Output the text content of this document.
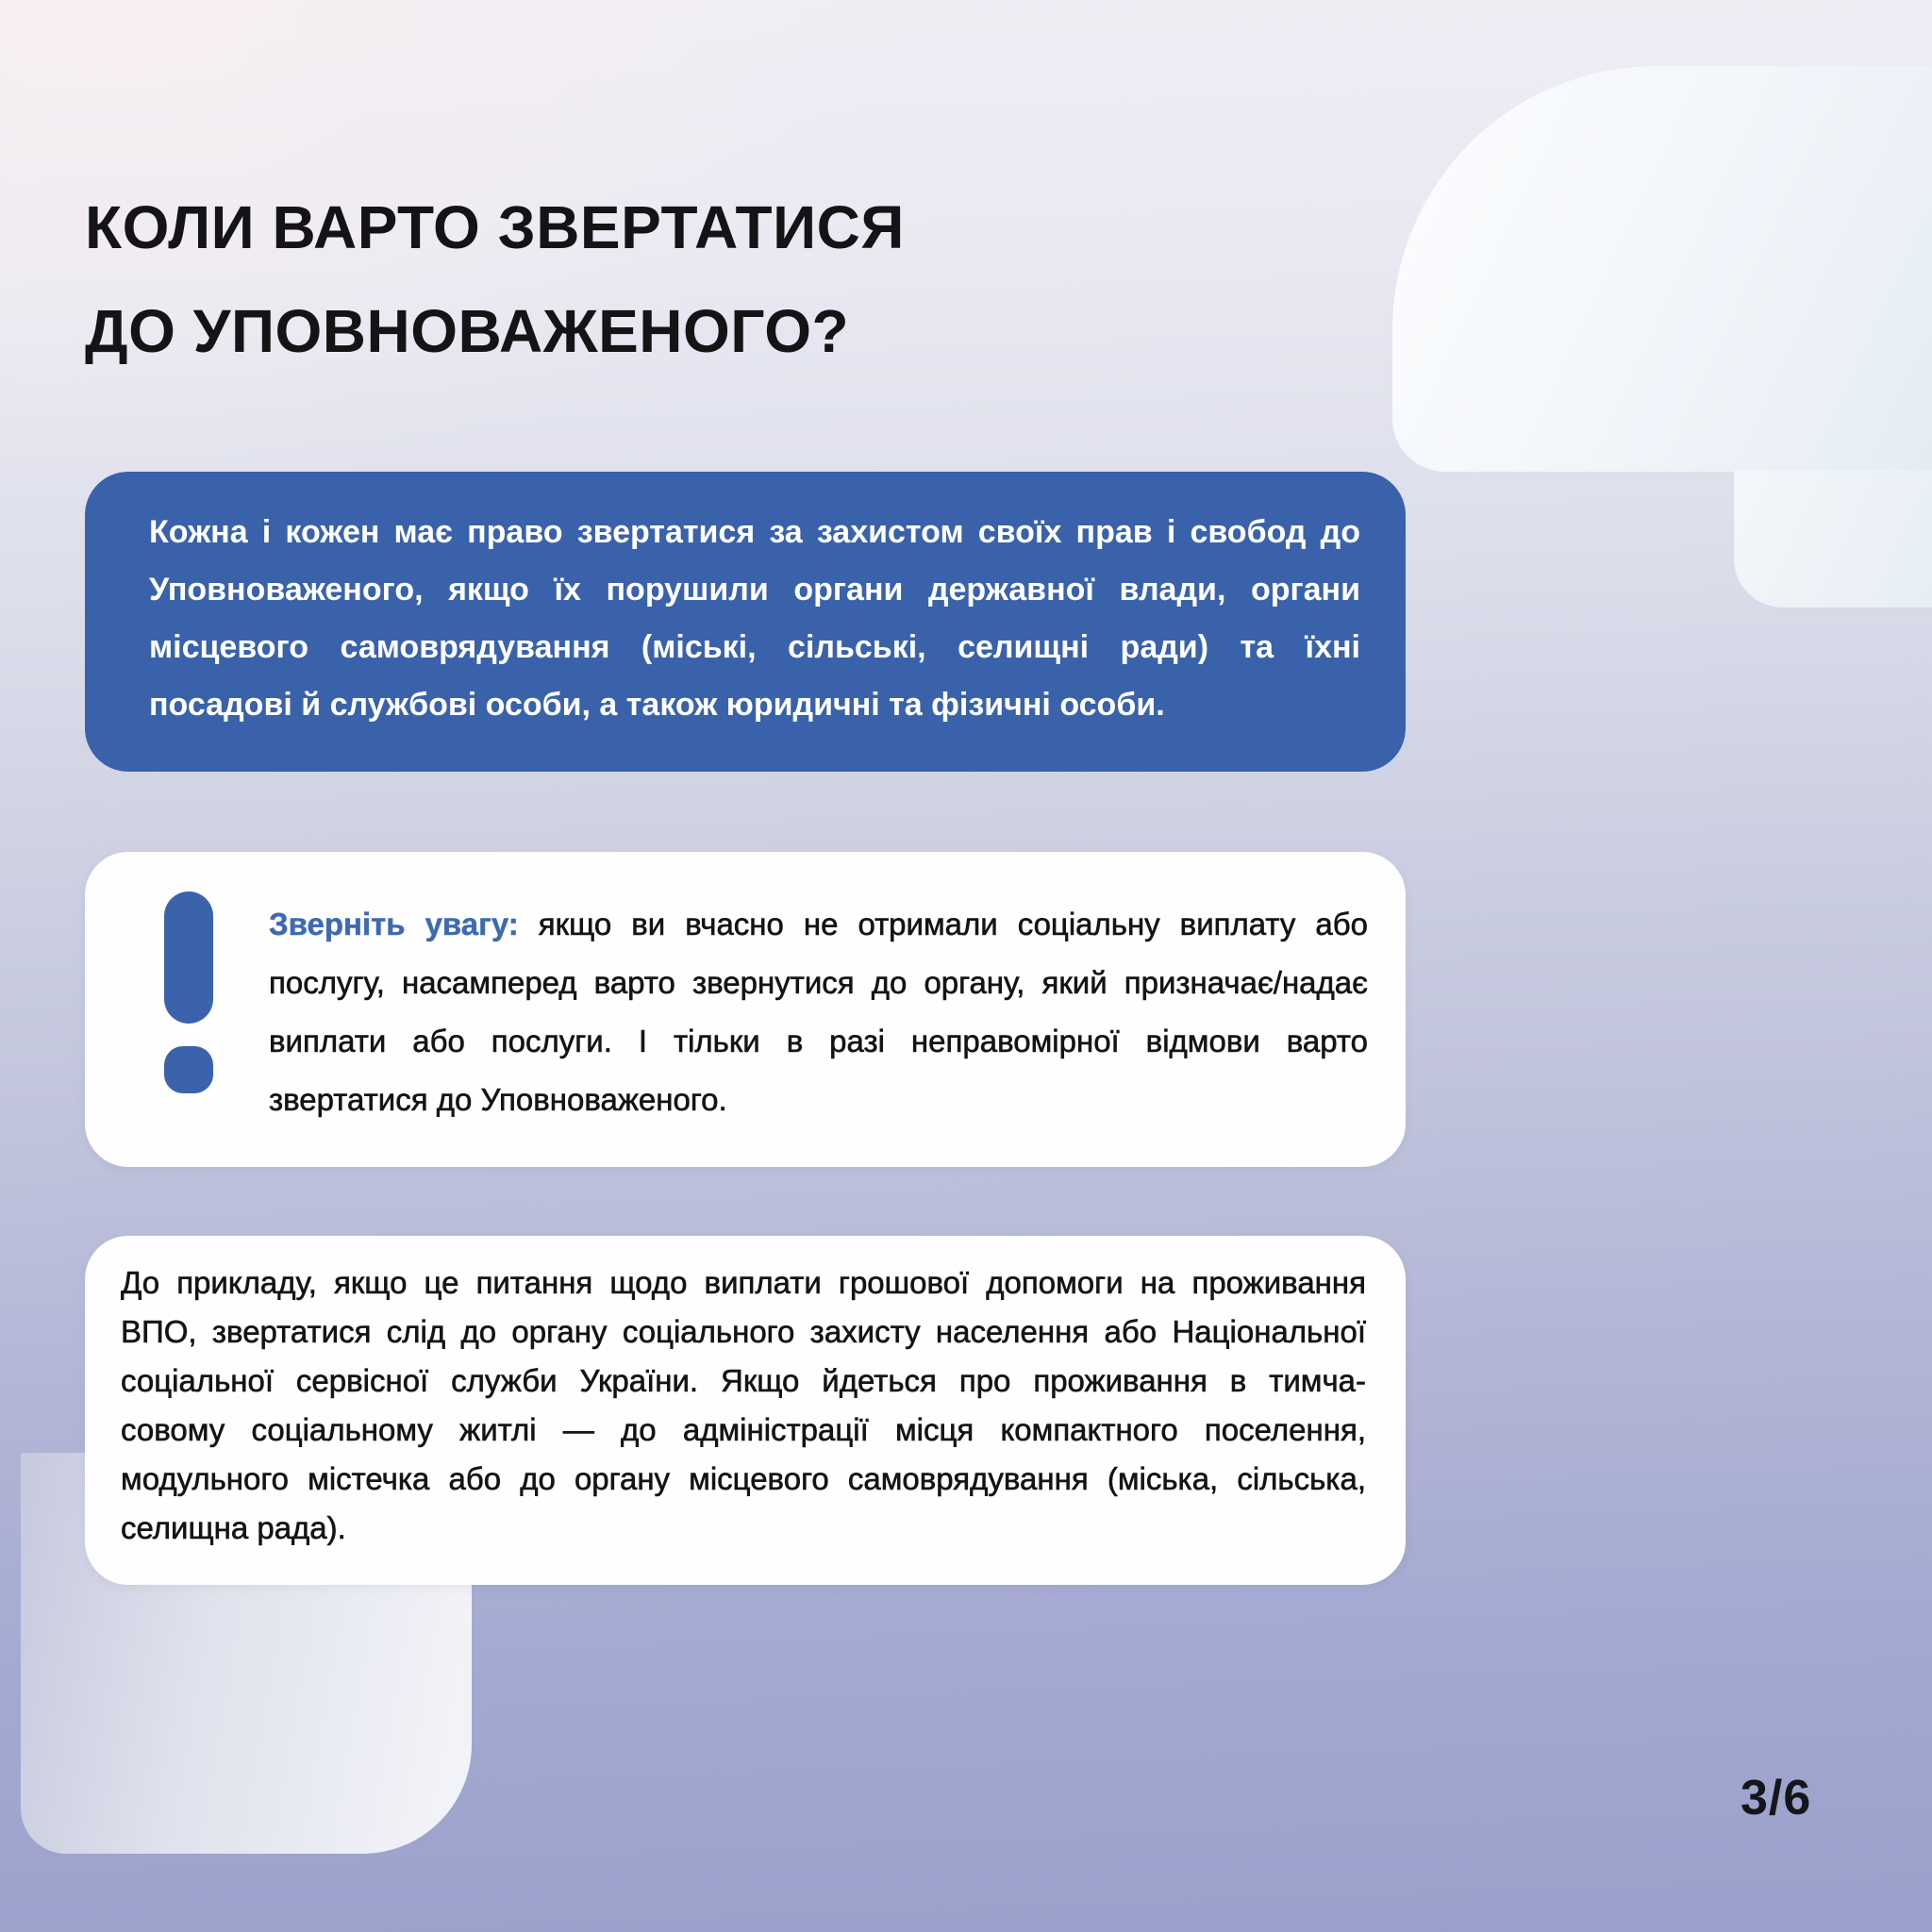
КОЛИ ВАРТО ЗВЕРТАТИСЯ
ДО УПОВНОВАЖЕНОГО?

Кожна і кожен має право звертатися за захистом своїх прав і свобод до

Уповноваженого, якщо їх порушили органи державної влади, органи

місцевого самоврядування (міські, сільські, селищні ради) та їхні

посадові й службові особи, а також юридичні та фізичні особи.

Зверніть увагу: якщо ви вчасно не отримали соціальну виплату або

послугу, насамперед варто звернутися до органу, який призначає/надає

виплати або послуги. І тільки в разі неправомірної відмови варто

звертатися до Уповноваженого.

До прикладу, якщо це питання щодо виплати грошової допомоги на проживання

ВПО, звертатися слід до органу соціального захисту населення або Національної

соціальної сервісної служби України. Якщо йдеться про проживання в тимча-

совому соціальному житлі — до адміністрації місця компактного поселення,

модульного містечка або до органу місцевого самоврядування (міська, сільська,

селищна рада).

3/6
